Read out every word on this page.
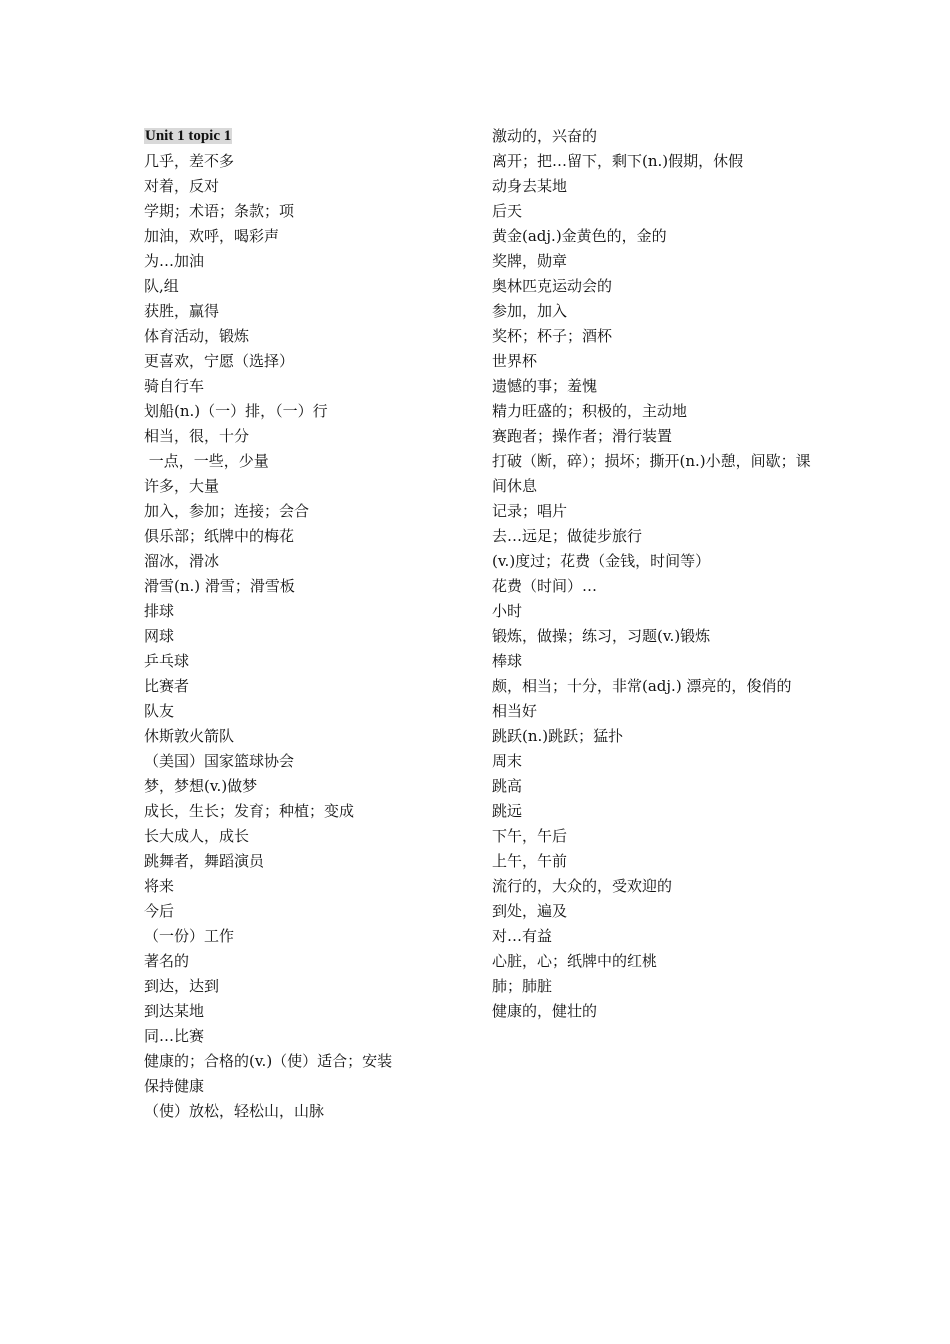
Unit 1 topic 1
几乎，差不多
对着，反对
学期；术语；条款；项
加油，欢呼，喝彩声
为…加油
队,组
获胜，赢得
体育活动，锻炼
更喜欢，宁愿（选择）
骑自行车
划船(n.)（一）排，（一）行
相当，很，十分
一点，一些，少量
许多，大量
加入，参加；连接；会合
俱乐部；纸牌中的梅花
溜冰，滑冰
滑雪(n.) 滑雪；滑雪板
排球
网球
乒乓球
比赛者
队友
休斯敦火箭队
（美国）国家篮球协会
梦，梦想(v.)做梦
成长，生长；发育；种植；变成
长大成人，成长
跳舞者，舞蹈演员
将来
今后
（一份）工作
著名的
到达，达到
到达某地
同…比赛
健康的；合格的(v.)（使）适合；安装
保持健康
（使）放松，轻松山，山脉
激动的，兴奋的
离开；把…留下，剩下(n.)假期，休假
动身去某地
后天
黄金(adj.)金黄色的，金的
奖牌，勋章
奥林匹克运动会的
参加，加入
奖杯；杯子；酒杯
世界杯
遗憾的事；羞愧
精力旺盛的；积极的，主动地
赛跑者；操作者；滑行装置
打破（断，碎）；损坏；撕开(n.)小憩，间歇；课间休息
记录；唱片
去…远足；做徒步旅行
(v.)度过；花费（金钱，时间等）
花费（时间）…
小时
锻炼，做操；练习，习题(v.)锻炼
棒球
颇，相当；十分，非常(adj.) 漂亮的，俊俏的
相当好
跳跃(n.)跳跃；猛扑
周末
跳高
跳远
下午，午后
上午，午前
流行的，大众的，受欢迎的
到处，遍及
对…有益
心脏，心；纸牌中的红桃
肺；肺脏
健康的，健壮的
